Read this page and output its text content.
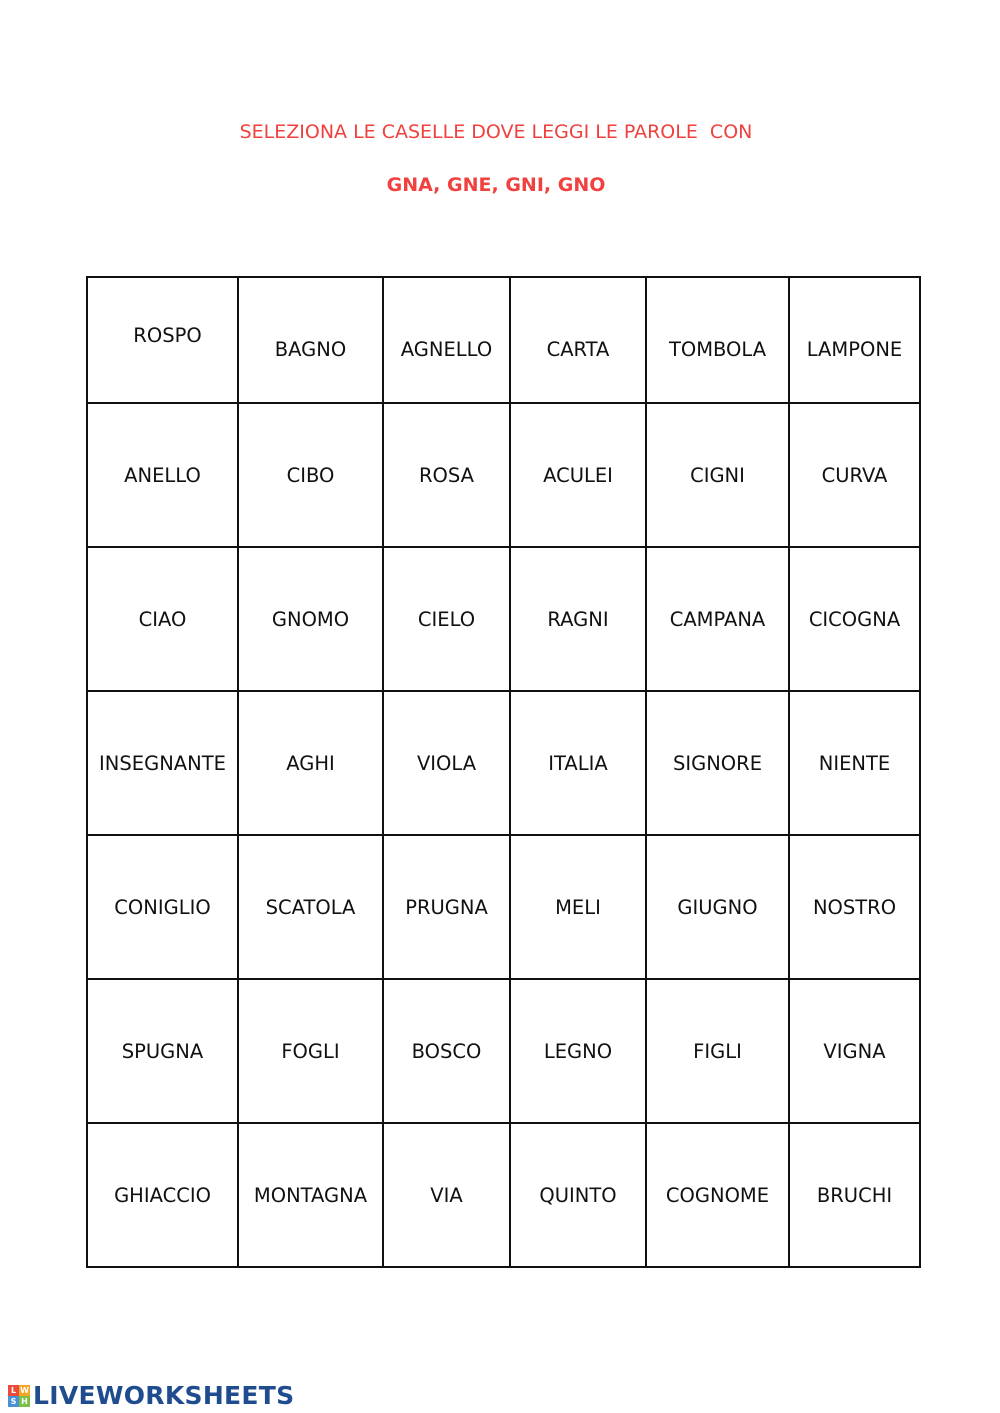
SELEZIONA LE CASELLE DOVE LEGGI LE PAROLE  CON
GNA, GNE, GNI, GNO
ROSPO	BAGNO	AGNELLO	CARTA	TOMBOLA	LAMPONE
ANELLO	CIBO	ROSA	ACULEI	CIGNI	CURVA
CIAO	GNOMO	CIELO	RAGNI	CAMPANA	CICOGNA
INSEGNANTE	AGHI	VIOLA	ITALIA	SIGNORE	NIENTE
CONIGLIO	SCATOLA	PRUGNA	MELI	GIUGNO	NOSTRO
SPUGNA	FOGLI	BOSCO	LEGNO	FIGLI	VIGNA
GHIACCIO	MONTAGNA	VIA	QUINTO	COGNOME	BRUCHI
L W
S H LIVEWORKSHEETS
